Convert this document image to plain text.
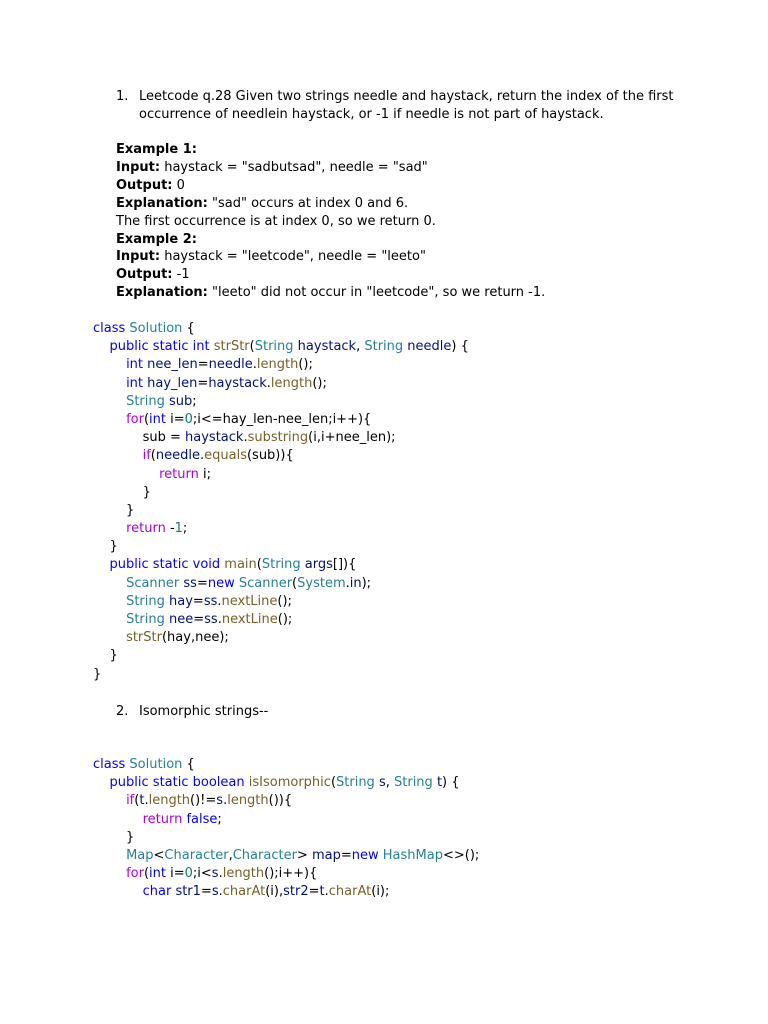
1. Leetcode q.28 Given two strings needle and haystack, return the index of the first occurrence of needlein haystack, or -1 if needle is not part of haystack.
Example 1:
Input: haystack = "sadbutsad", needle = "sad"
Output: 0
Explanation: "sad" occurs at index 0 and 6.
The first occurrence is at index 0, so we return 0.
Example 2:
Input: haystack = "leetcode", needle = "leeto"
Output: -1
Explanation: "leeto" did not occur in "leetcode", so we return -1.
class Solution {
public static int strStr(String haystack, String needle) {
int nee_len=needle.length();
int hay_len=haystack.length();
String sub;
for(int i=0;i<=hay_len-nee_len;i++){
sub = haystack.substring(i,i+nee_len);
if(needle.equals(sub)){
return i;
}
}
return -1;
}
public static void main(String args[]){
Scanner ss=new Scanner(System.in);
String hay=ss.nextLine();
String nee=ss.nextLine();
strStr(hay,nee);
}
}
2. Isomorphic strings--
class Solution {
public static boolean isIsomorphic(String s, String t) {
if(t.length()!=s.length()){
return false;
}
Map<Character,Character> map=new HashMap<>();
for(int i=0;i<s.length();i++){
char str1=s.charAt(i),str2=t.charAt(i);
